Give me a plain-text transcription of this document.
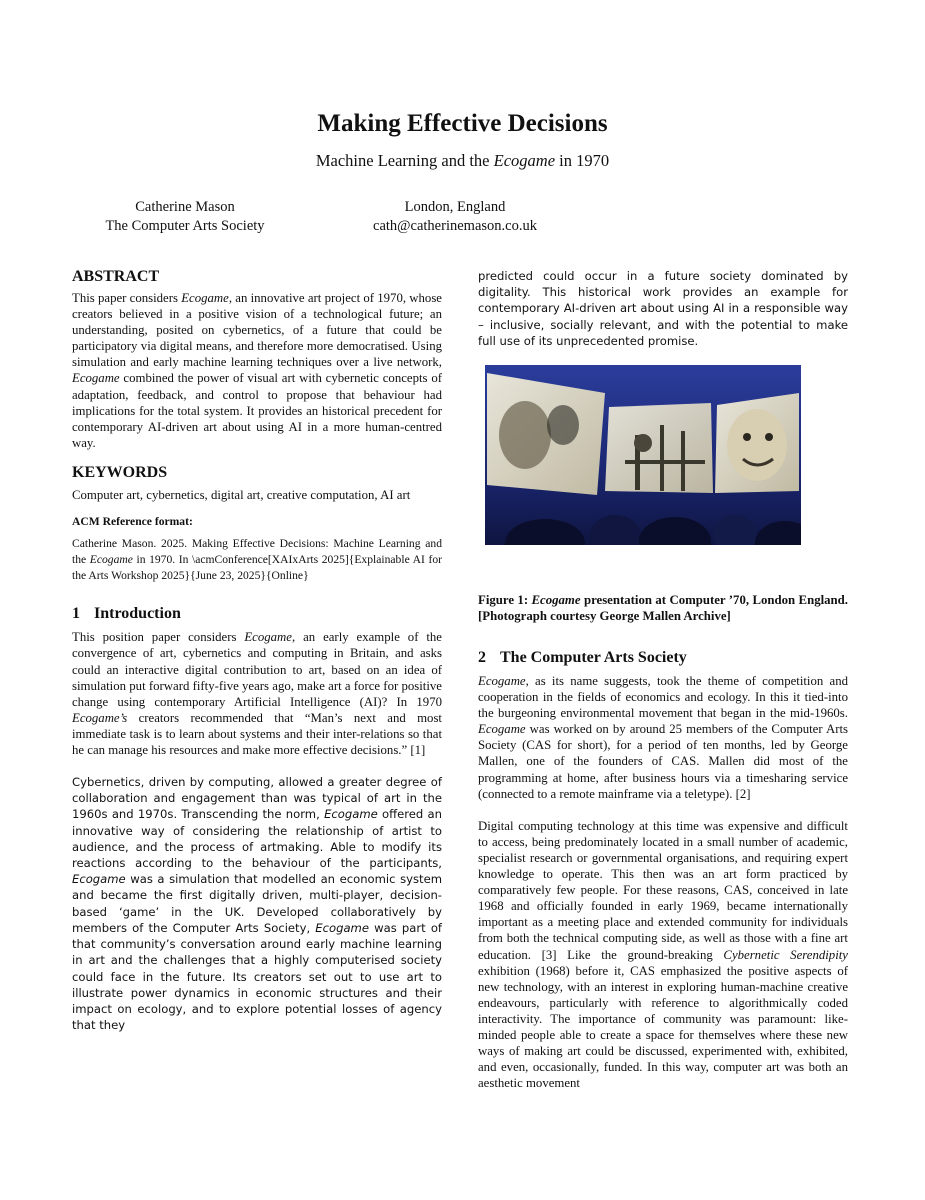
Making Effective Decisions
Machine Learning and the Ecogame in 1970
Catherine Mason
The Computer Arts Society
London, England
cath@catherinemason.co.uk
ABSTRACT

This paper considers Ecogame, an innovative art project of 1970, whose creators believed in a positive vision of a technological future; an understanding, posited on cybernetics, of a future that could be participatory via digital means, and therefore more democratised. Using simulation and early machine learning techniques over a live network, Ecogame combined the power of visual art with cybernetic concepts of adaptation, feedback, and control to propose that behaviour had implications for the total system. It provides an historical precedent for contemporary AI-driven art about using AI in a more human-centred way.

KEYWORDS

Computer art, cybernetics, digital art, creative computation, AI art

ACM Reference format:

Catherine Mason. 2025. Making Effective Decisions: Machine Learning and the Ecogame in 1970. In \acmConference[XAIxArts 2025]{Explainable AI for the Arts Workshop 2025}{June 23, 2025}{Online}

1 Introduction

This position paper considers Ecogame, an early example of the convergence of art, cybernetics and computing in Britain, and asks could an interactive digital contribution to art, based on an idea of simulation put forward fifty-five years ago, make art a force for positive change using contemporary Artificial Intelligence (AI)? In 1970 Ecogame’s creators recommended that “Man’s next and most immediate task is to learn about systems and their inter-relations so that he can manage his resources and make more effective decisions.” [1]

Cybernetics, driven by computing, allowed a greater degree of collaboration and engagement than was typical of art in the 1960s and 1970s. Transcending the norm, Ecogame offered an innovative way of considering the relationship of artist to audience, and the process of artmaking. Able to modify its reactions according to the behaviour of the participants, Ecogame was a simulation that modelled an economic system and became the first digitally driven, multi-player, decision-based ‘game’ in the UK. Developed collaboratively by members of the Computer Arts Society, Ecogame was part of that community’s conversation around early machine learning in art and the challenges that a highly computerised society could face in the future. Its creators set out to use art to illustrate power dynamics in economic structures and their impact on ecology, and to explore potential losses of agency that they

predicted could occur in a future society dominated by digitality. This historical work provides an example for contemporary AI-driven art about using AI in a responsible way – inclusive, socially relevant, and with the potential to make full use of its unprecedented promise.

Figure 1: Ecogame presentation at Computer ’70, London England. [Photograph courtesy George Mallen Archive]
2 The Computer Arts Society

Ecogame, as its name suggests, took the theme of competition and cooperation in the fields of economics and ecology. In this it tied-into the burgeoning environmental movement that began in the mid-1960s. Ecogame was worked on by around 25 members of the Computer Arts Society (CAS for short), for a period of ten months, led by George Mallen, one of the founders of CAS. Mallen did most of the programming at home, after business hours via a timesharing service (connected to a remote mainframe via a teletype). [2]

Digital computing technology at this time was expensive and difficult to access, being predominately located in a small number of academic, specialist research or governmental organisations, and requiring expert knowledge to operate. This then was an art form practiced by comparatively few people. For these reasons, CAS, conceived in late 1968 and officially founded in early 1969, became internationally important as a meeting place and extended community for individuals from both the technical computing side, as well as those with a fine art education. [3] Like the ground-breaking Cybernetic Serendipity exhibition (1968) before it, CAS emphasized the positive aspects of new technology, with an interest in exploring human-machine creative endeavours, particularly with reference to algorithmically coded interactivity. The importance of community was paramount: like-minded people able to create a space for themselves where these new ways of making art could be discussed, experimented with, exhibited, and even, occasionally, funded. In this way, computer art was both an aesthetic movement
